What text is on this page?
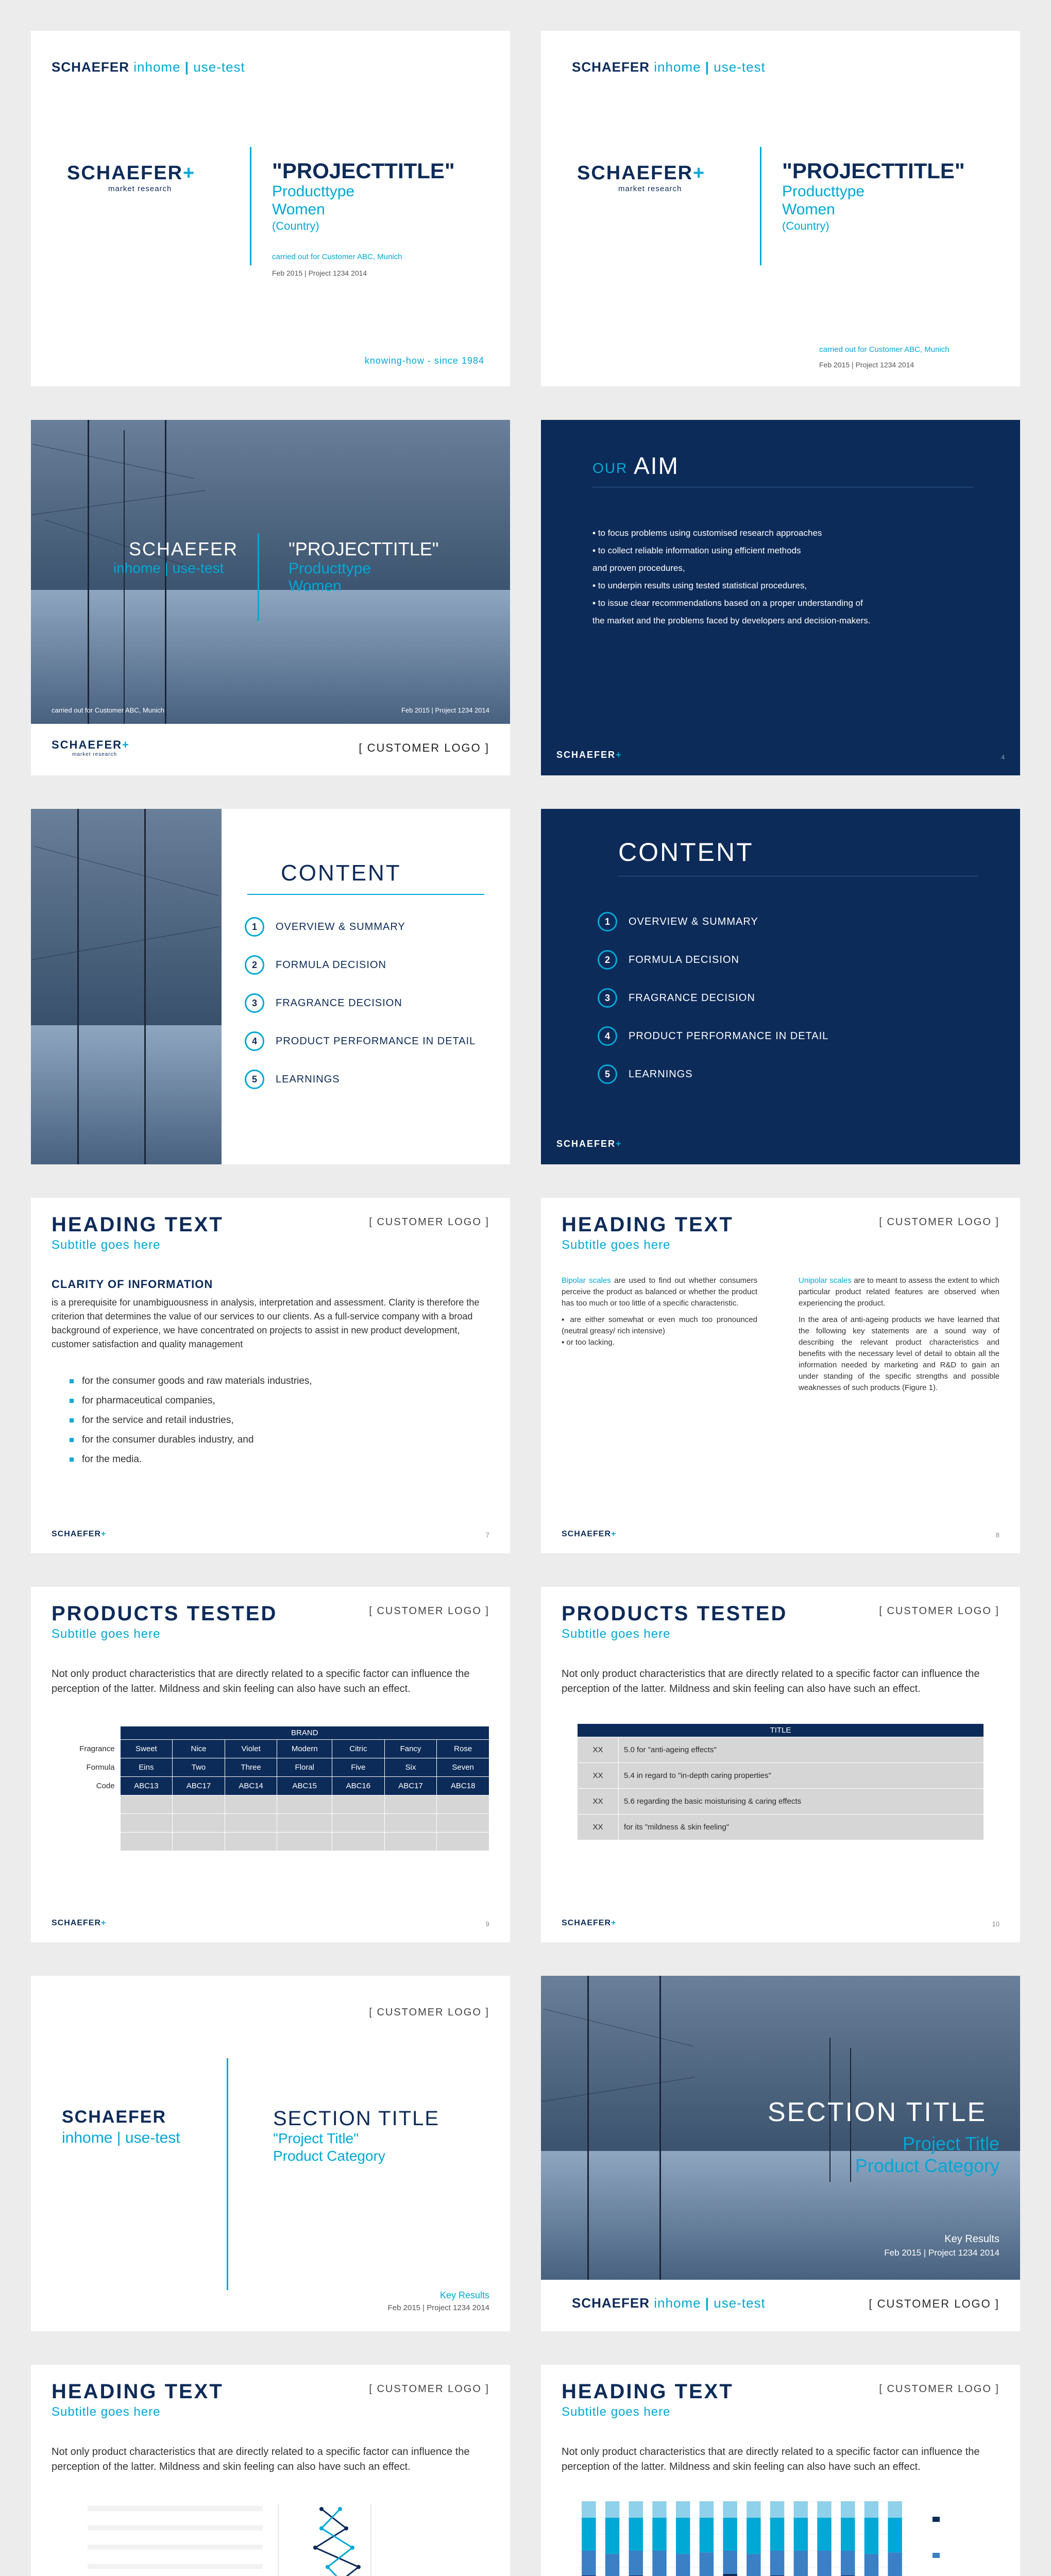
SCHAEFER inhome | use-test
SCHAEFER+
market research
"PROJECTTITLE"
Producttype
Women
(Country)
carried out for Customer ABC, Munich
Feb 2015 | Project 1234 2014
knowing-how - since 1984
SCHAEFER inhome | use-test
SCHAEFER+
market research
"PROJECTTITLE"
Producttype
Women
(Country)
carried out for Customer ABC, Munich
Feb 2015 | Project 1234 2014
SCHAEFER
inhome | use-test
"PROJECTTITLE"
Producttype
Women
carried out for Customer ABC, Munich	Feb 2015 | Project 1234 2014
SCHAEFER+
market research
[ CUSTOMER LOGO ]
OUR AIM
▪ to focus problems using customised research approaches
▪ to collect reliable information using efficient methods
and proven procedures,
▪ to underpin results using tested statistical procedures,
▪ to issue clear recommendations based on a proper understanding of
the market and the problems faced by developers and decision-makers.
SCHAEFER+	4
CONTENT
1	OVERVIEW & SUMMARY
2	FORMULA DECISION
3	FRAGRANCE DECISION
4	PRODUCT PERFORMANCE IN DETAIL
5	LEARNINGS
CONTENT
1	OVERVIEW & SUMMARY
2	FORMULA DECISION
3	FRAGRANCE DECISION
4	PRODUCT PERFORMANCE IN DETAIL
5	LEARNINGS
SCHAEFER+
HEADING TEXT
Subtitle goes here
[ CUSTOMER LOGO ]
CLARITY OF INFORMATION
is a prerequisite for unambiguousness in analysis, interpretation and assessment. Clarity is therefore the criterion that determines the value of our services to our clients. As a full-service company with a broad background of experience, we have concentrated on projects to assist in new product development, customer satisfaction and quality management
for the consumer goods and raw materials industries,
for pharmaceutical companies,
for the service and retail industries,
for the consumer durables industry, and
for the media.
SCHAEFER+	7
HEADING TEXT
Subtitle goes here
[ CUSTOMER LOGO ]
Bipolar scales are used to find out whether consumers perceive the product as balanced or whether the product has too much or too little of a specific characteristic.
▪ are either somewhat or even much too pronounced (neutral greasy/ rich intensive)
▪ or too lacking.
Unipolar scales are to meant to assess the extent to which particular product related features are observed when experiencing the product.
In the area of anti-ageing products we have learned that the following key statements are a sound way of describing the relevant product characteristics and benefits with the necessary level of detail to obtain all the information needed by marketing and R&D to gain an under standing of the specific strengths and possible weaknesses of such products (Figure 1).
SCHAEFER+	8
PRODUCTS TESTED
Subtitle goes here
[ CUSTOMER LOGO ]
Not only product characteristics that are directly related to a specific factor can influence the perception of the latter. Mildness and skin feeling can also have such an effect.
	BRAND						
Fragrance	Sweet	Nice	Violet	Modern	Citric	Fancy	Rose
Formula	Eins	Two	Three	Floral	Five	Six	Seven
Code	ABC13	ABC17	ABC14	ABC15	ABC16	ABC17	ABC18

SCHAEFER+	9
PRODUCTS TESTED
Subtitle goes here
[ CUSTOMER LOGO ]
Not only product characteristics that are directly related to a specific factor can influence the perception of the latter. Mildness and skin feeling can also have such an effect.
TITLE	
XX	5.0 for "anti-ageing effects"
XX	5.4 in regard to "in-depth caring properties"
XX	5.6 regarding the basic moisturising & caring effects
XX	for its "mildness & skin feeling"
SCHAEFER+	10
[ CUSTOMER LOGO ]
SCHAEFER
inhome | use-test
SECTION TITLE
"Project Title"
Product Category
Key Results
Feb 2015 | Project 1234 2014
SECTION TITLE
Project Title
Product Category
Key Results
Feb 2015 | Project 1234 2014
SCHAEFER inhome | use-test	[ CUSTOMER LOGO ]
HEADING TEXT
Subtitle goes here
[ CUSTOMER LOGO ]
Not only product characteristics that are directly related to a specific factor can influence the perception of the latter. Mildness and skin feeling can also have such an effect.
HEADING TEXT
Subtitle goes here
[ CUSTOMER LOGO ]
Not only product characteristics that are directly related to a specific factor can influence the perception of the latter. Mildness and skin feeling can also have such an effect.
